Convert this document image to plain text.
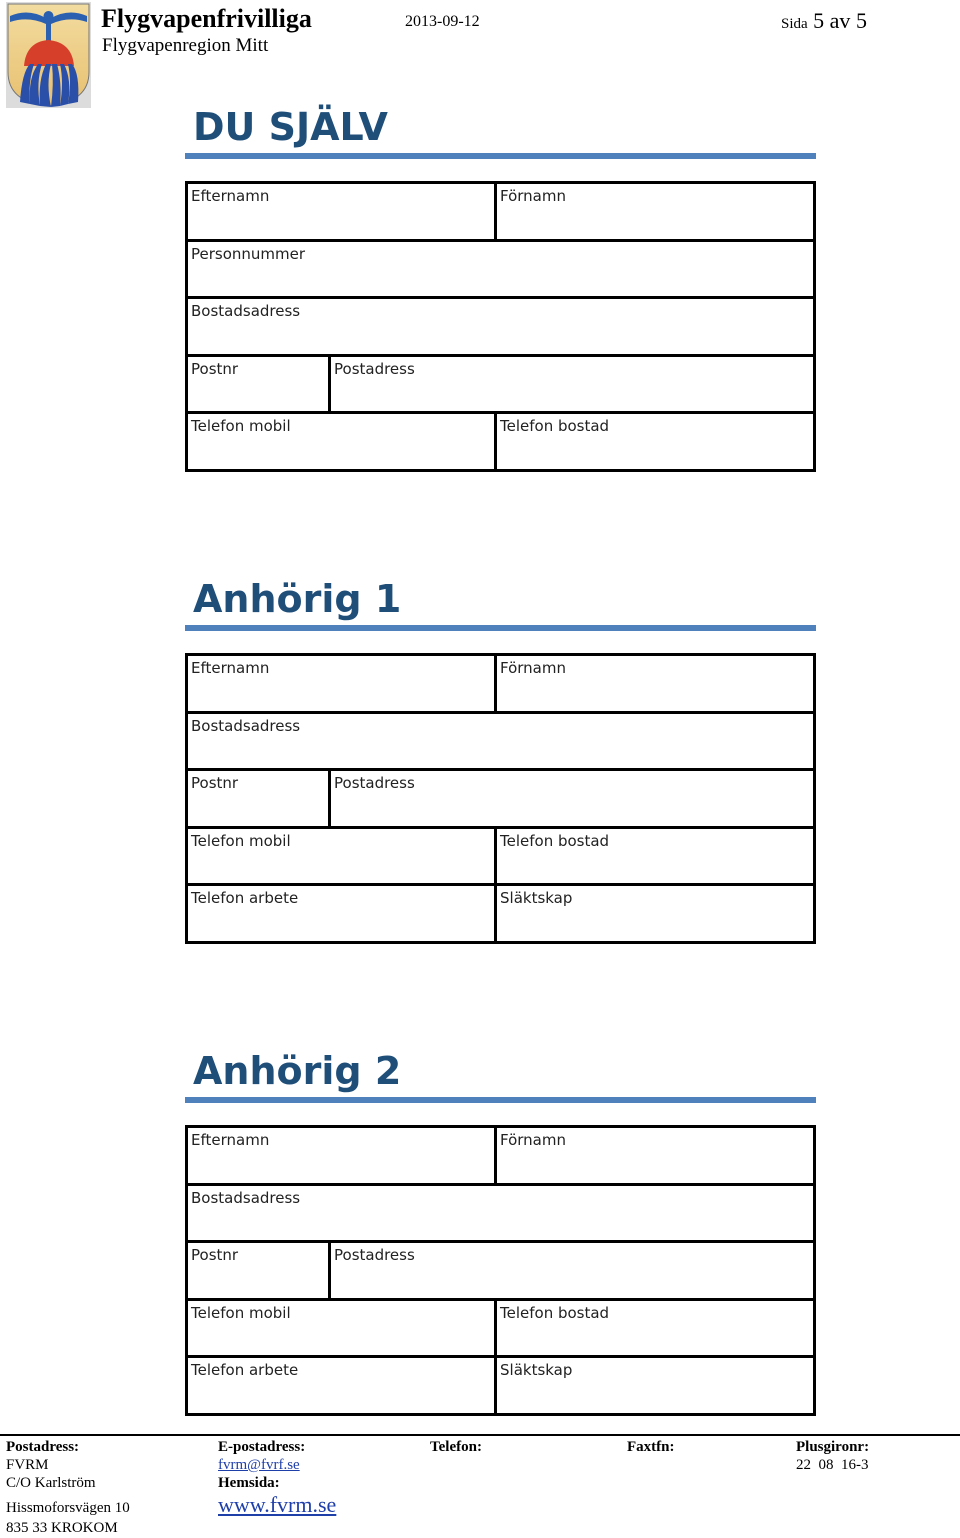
Flygvapenfrivilliga
Flygvapenregion Mitt
2013-09-12	Sida 5 av 5
DU SJÄLV
Efternamn	Förnamn
Personnummer
Bostadsadress
Postnr	Postadress
Telefon mobil	Telefon bostad
Anhörig 1
Efternamn	Förnamn
Bostadsadress
Postnr	Postadress
Telefon mobil	Telefon bostad
Telefon arbete	Släktskap
Anhörig 2
Efternamn	Förnamn
Bostadsadress
Postnr	Postadress
Telefon mobil	Telefon bostad
Telefon arbete	Släktskap
Postadress:
FVRM
C/O Karlström
Hissmoforsvägen 10
835 33 KROKOM
E-postadress:
fvrm@fvrf.se
Hemsida:
www.fvrm.se
Telefon:	Faxtfn:	Plusgironr:
22  08  16-3
